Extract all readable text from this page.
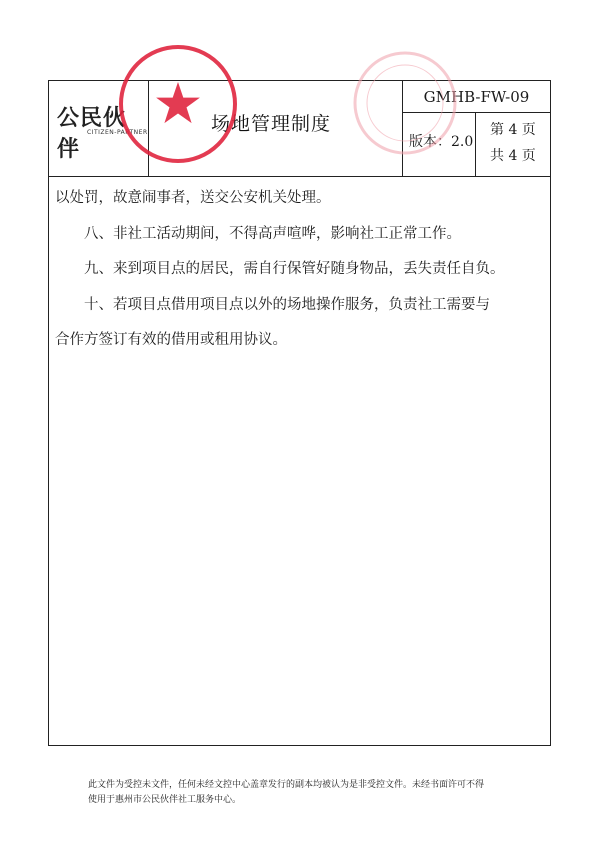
公民伙伴
CITIZEN-PARTNER	场地管理制度
GMHB-FW-09
版本：2.0
第 4 页
共 4 页

以处罚，故意闹事者，送交公安机关处理。

八、非社工活动期间，不得高声喧哗，影响社工正常工作。

九、来到项目点的居民，需自行保管好随身物品，丢失责任自负。

十、若项目点借用项目点以外的场地操作服务，负责社工需要与

合作方签订有效的借用或租用协议。

此文件为受控未文件，任何未经文控中心盖章发行的副本均被认为是非受控文件。未经书面许可不得

使用于惠州市公民伙伴社工服务中心。
